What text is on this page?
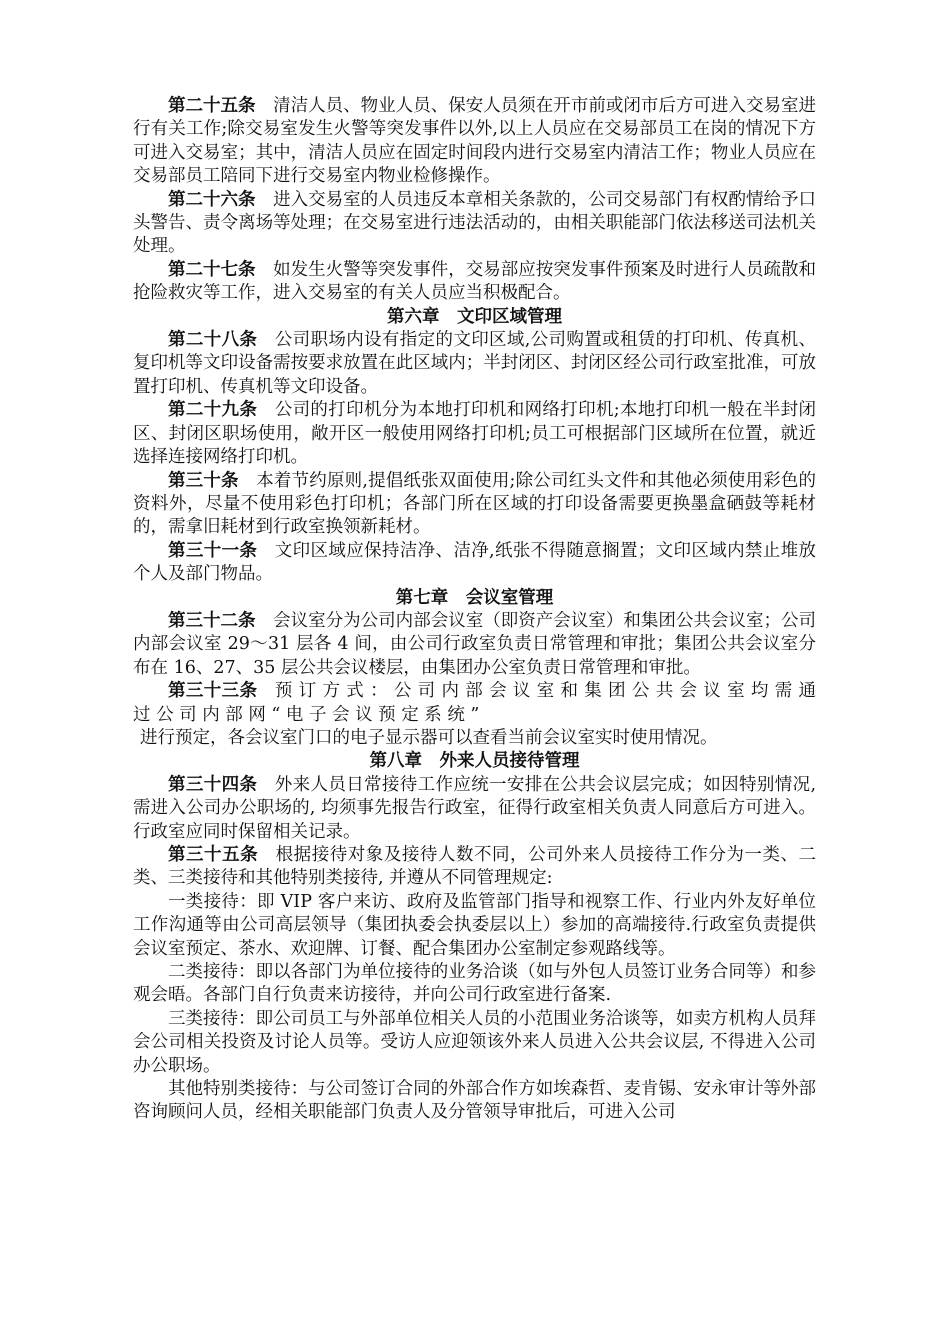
第二十五条 清洁人员、物业人员、保安人员须在开市前或闭市后方可进入交易室进行有关工作;除交易室发生火警等突发事件以外,以上人员应在交易部员工在岗的情况下方可进入交易室；其中，清洁人员应在固定时间段内进行交易室内清洁工作；物业人员应在交易部员工陪同下进行交易室内物业检修操作。

第二十六条 进入交易室的人员违反本章相关条款的，公司交易部门有权酌情给予口头警告、责令离场等处理；在交易室进行违法活动的，由相关职能部门依法移送司法机关处理。

第二十七条 如发生火警等突发事件，交易部应按突发事件预案及时进行人员疏散和抢险救灾等工作，进入交易室的有关人员应当积极配合。

第六章 文印区域管理

第二十八条 公司职场内设有指定的文印区域,公司购置或租赁的打印机、传真机、复印机等文印设备需按要求放置在此区域内；半封闭区、封闭区经公司行政室批准，可放置打印机、传真机等文印设备。

第二十九条 公司的打印机分为本地打印机和网络打印机;本地打印机一般在半封闭区、封闭区职场使用，敞开区一般使用网络打印机;员工可根据部门区域所在位置，就近选择连接网络打印机。

第三十条 本着节约原则,提倡纸张双面使用;除公司红头文件和其他必须使用彩色的资料外，尽量不使用彩色打印机；各部门所在区域的打印设备需要更换墨盒硒鼓等耗材的，需拿旧耗材到行政室换领新耗材。

第三十一条 文印区域应保持洁净、洁净,纸张不得随意搁置；文印区域内禁止堆放个人及部门物品。

第七章 会议室管理

第三十二条 会议室分为公司内部会议室（即资产会议室）和集团公共会议室；公司内部会议室 29～31 层各 4 间，由公司行政室负责日常管理和审批；集团公共会议室分布在 16、27、35 层公共会议楼层，由集团办公室负责日常管理和审批。

第三十三条 预 订 方 式 ： 公 司 内 部 会 议 室 和 集 团 公 共 会 议 室 均 需 通 过 公 司 内 部 网 “ 电 子 会 议 预 定 系 统 ”

进行预定，各会议室门口的电子显示器可以查看当前会议室实时使用情况。

第八章 外来人员接待管理

第三十四条 外来人员日常接待工作应统一安排在公共会议层完成；如因特别情况, 需进入公司办公职场的, 均须事先报告行政室，征得行政室相关负责人同意后方可进入。行政室应同时保留相关记录。

第三十五条 根据接待对象及接待人数不同，公司外来人员接待工作分为一类、二类、三类接待和其他特别类接待, 并遵从不同管理规定:

一类接待：即 VIP 客户来访、政府及监管部门指导和视察工作、行业内外友好单位工作沟通等由公司高层领导（集团执委会执委层以上）参加的高端接待.行政室负责提供会议室预定、茶水、欢迎牌、订餐、配合集团办公室制定参观路线等。

二类接待：即以各部门为单位接待的业务洽谈（如与外包人员签订业务合同等）和参观会晤。各部门自行负责来访接待，并向公司行政室进行备案.

三类接待：即公司员工与外部单位相关人员的小范围业务洽谈等，如卖方机构人员拜会公司相关投资及讨论人员等。受访人应迎领该外来人员进入公共会议层, 不得进入公司办公职场。

其他特别类接待：与公司签订合同的外部合作方如埃森哲、麦肯锡、安永审计等外部咨询顾问人员，经相关职能部门负责人及分管领导审批后，可进入公司
